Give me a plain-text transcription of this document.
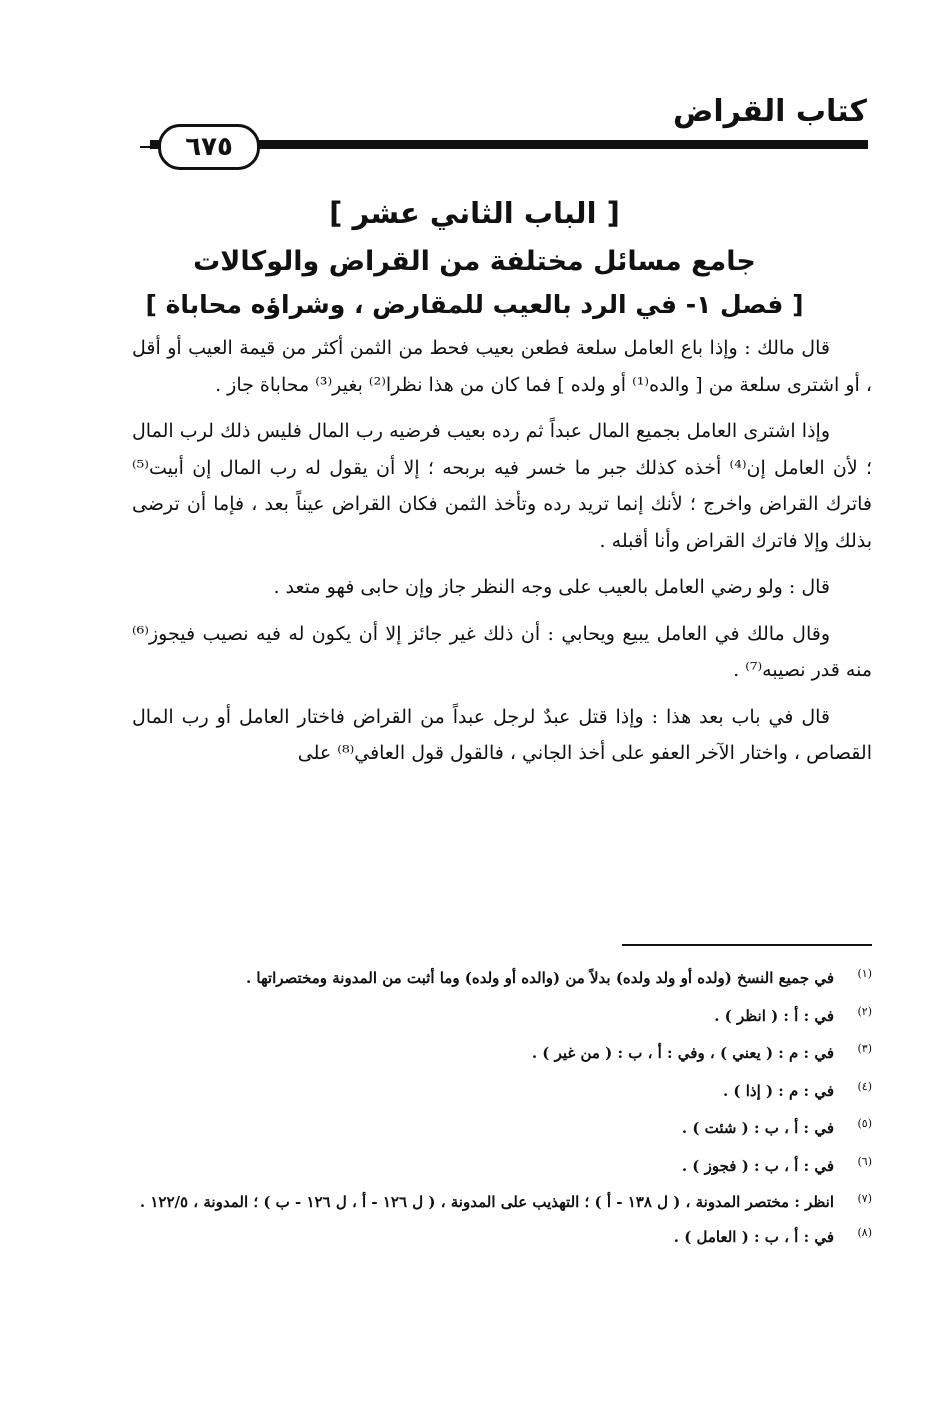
كتاب القراض
٦٧٥
[ الباب الثاني عشر ]
جامع مسائل مختلفة من القراض والوكالات
[ فصل ١- في الرد بالعيب للمقارض ، وشراؤه محاباة ]

قال مالك : وإذا باع العامل سلعة فطعن بعيب فحط من الثمن أكثر من قيمة العيب أو أقل ، أو اشترى سلعة من [ والده⁽¹⁾ أو ولده ] فما كان من هذا نظرا⁽²⁾ بغير⁽³⁾ محاباة جاز .

وإذا اشترى العامل بجميع المال عبداً ثم رده بعيب فرضيه رب المال فليس ذلك لرب المال ؛ لأن العامل إن⁽⁴⁾ أخذه كذلك جبر ما خسر فيه بربحه ؛ إلا أن يقول له رب المال إن أبيت⁽⁵⁾ فاترك القراض واخرج ؛ لأنك إنما تريد رده وتأخذ الثمن فكان القراض عيناً بعد ، فإما أن ترضى بذلك وإلا فاترك القراض وأنا أقبله .

قال : ولو رضي العامل بالعيب على وجه النظر جاز وإن حابى فهو متعد .

وقال مالك في العامل يبيع ويحابي : أن ذلك غير جائز إلا أن يكون له فيه نصيب فيجوز⁽⁶⁾ منه قدر نصيبه⁽⁷⁾ .

قال في باب بعد هذا : وإذا قتل عبدٌ لرجل عبداً من القراض فاختار العامل أو رب المال القصاص ، واختار الآخر العفو على أخذ الجاني ، فالقول قول العافي⁽⁸⁾ على

(١)
في جميع النسخ (ولده أو ولد ولده) بدلاً من (والده أو ولده) وما أثبت من المدونة ومختصراتها .
(٢)
في : أ : ( انظر ) .
(٣)
في : م : ( يعني ) ، وفي : أ ، ب : ( من غير ) .
(٤)
في : م : ( إذا ) .
(٥)
في : أ ، ب : ( شئت ) .
(٦)
في : أ ، ب : ( فجوز ) .
(٧)
انظر : مختصر المدونة ، ( ل ١٣٨ - أ ) ؛ التهذيب على المدونة ، ( ل ١٢٦ - أ ، ل ١٢٦ - ب ) ؛ المدونة ، ١٢٢/٥ .
(٨)
في : أ ، ب : ( العامل ) .
